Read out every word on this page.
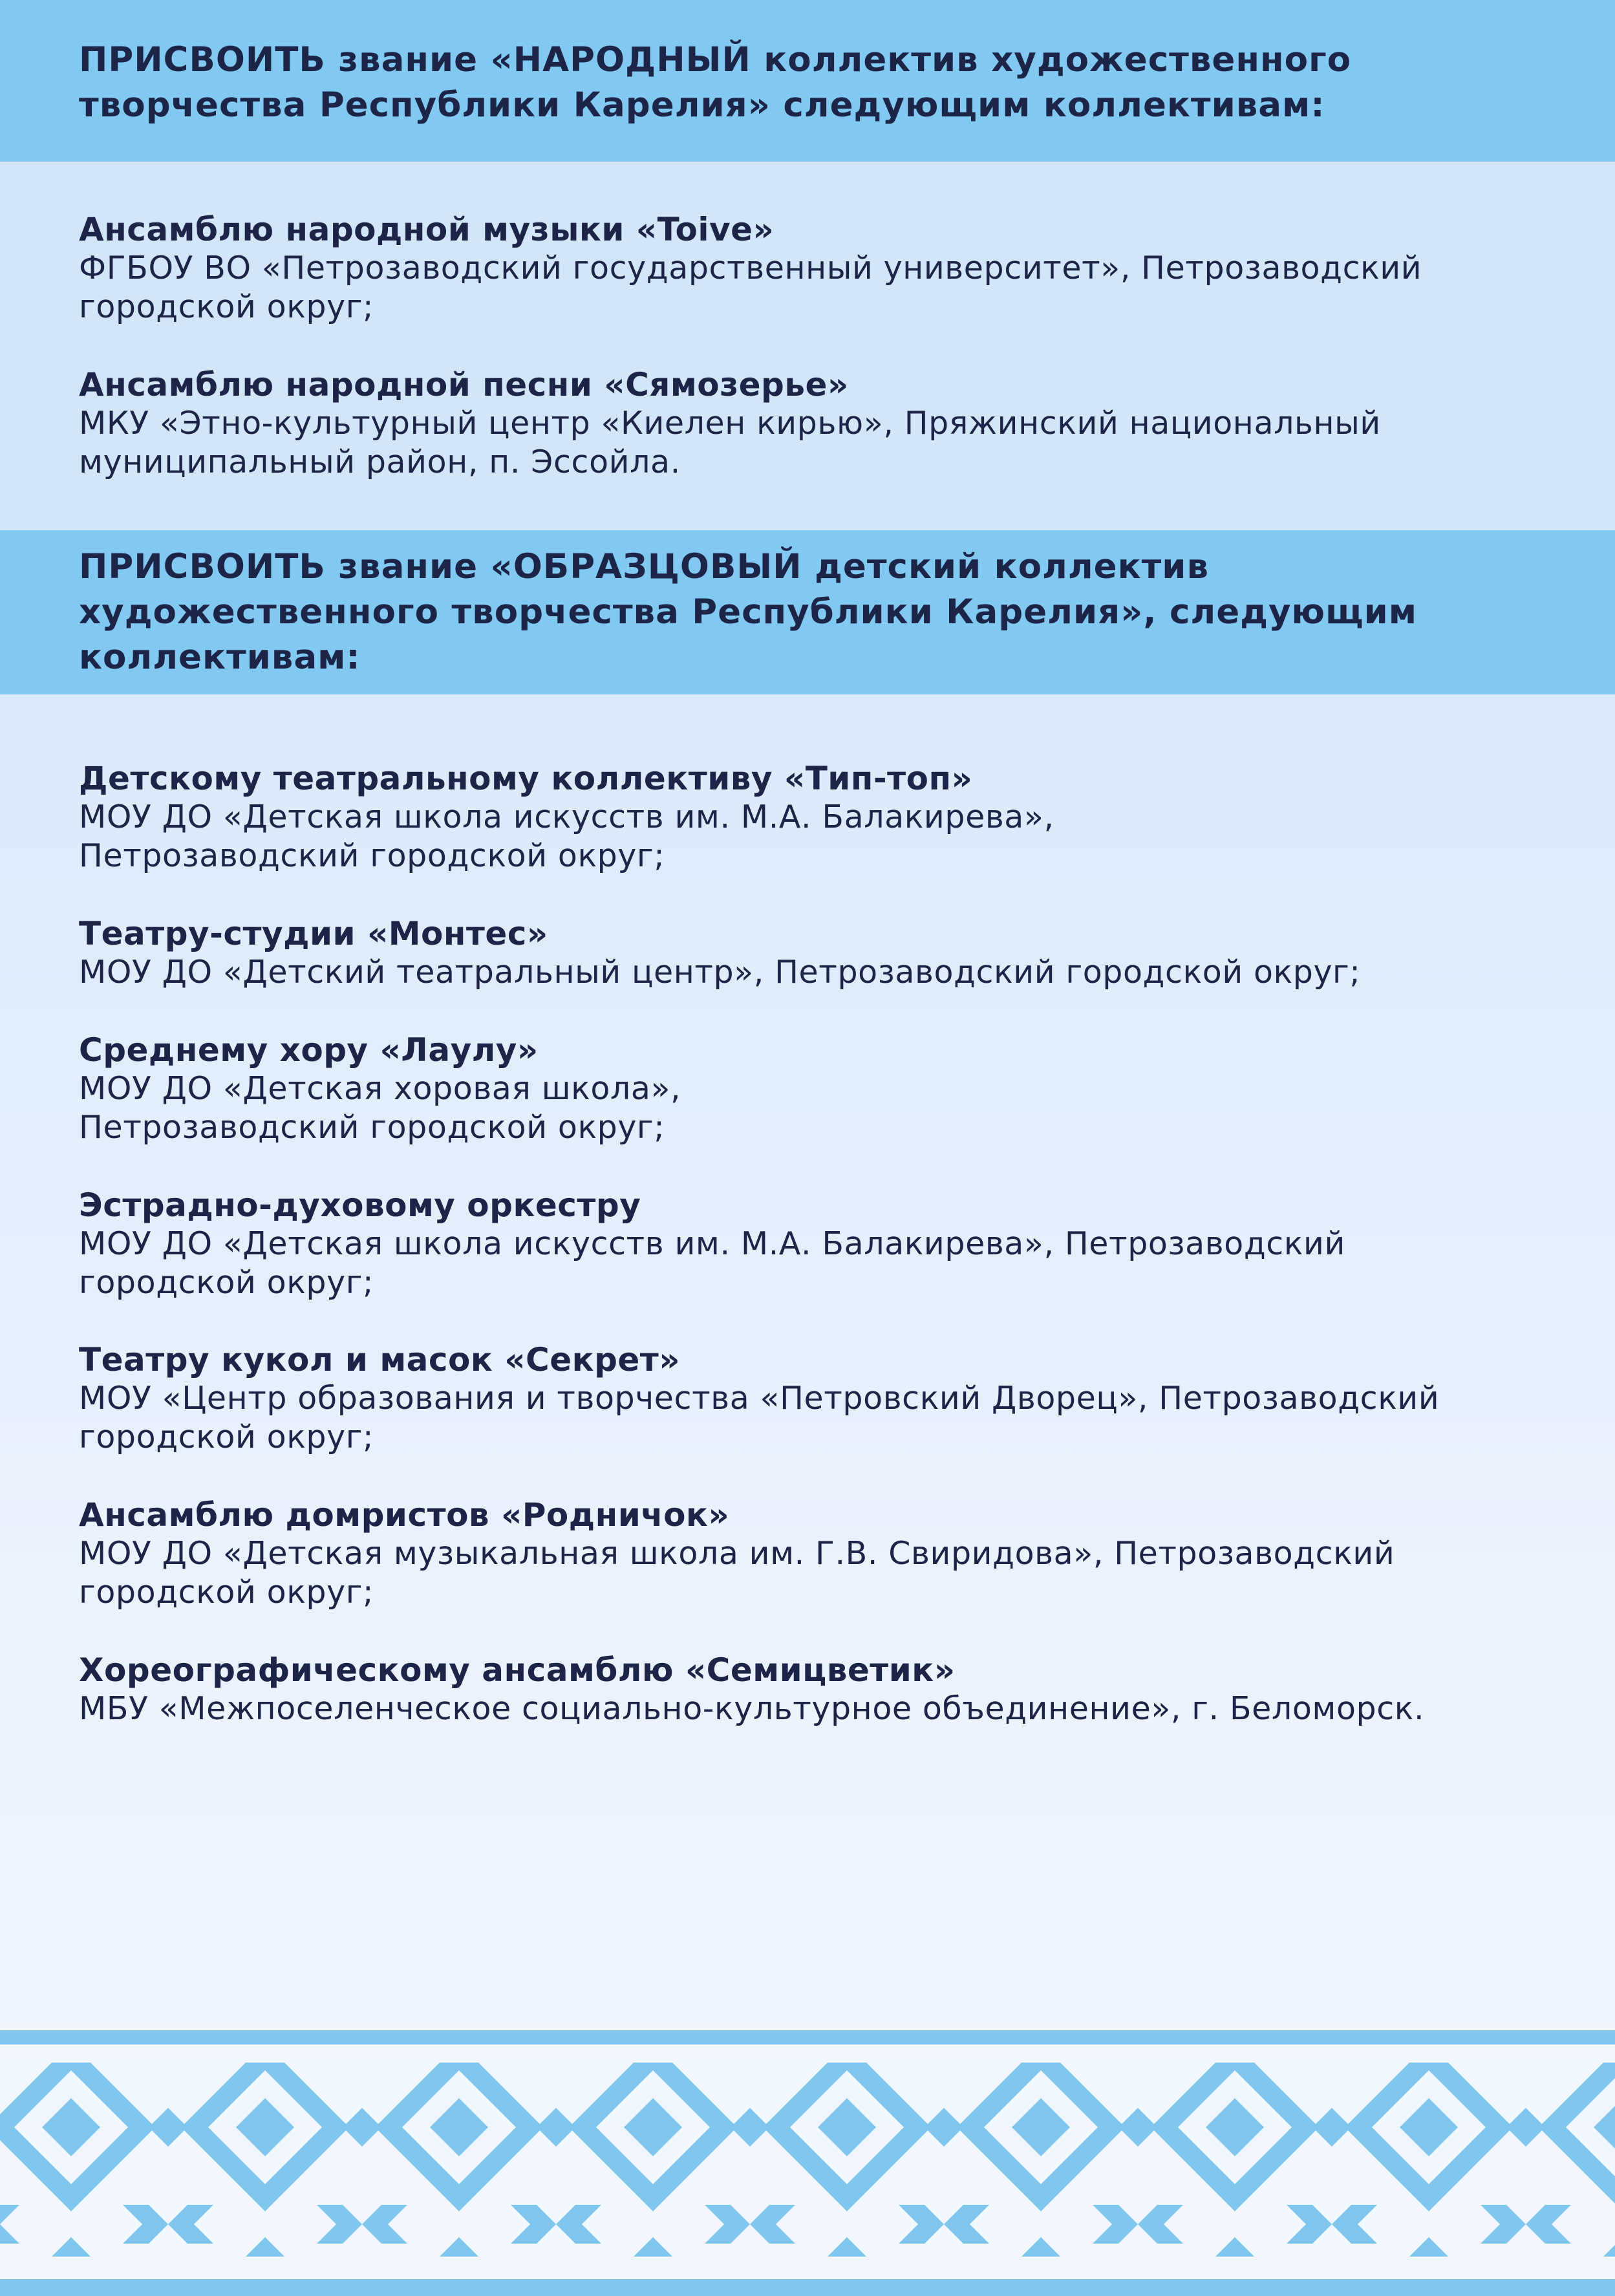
ПРИСВОИТЬ звание «НАРОДНЫЙ коллектив художественного
творчества Республики Карелия» следующим коллективам:
Ансамблю народной музыки «Toive»
ФГБОУ ВО «Петрозаводский государственный университет», Петрозаводский
городской округ;
Ансамблю народной песни «Сямозерье»
МКУ «Этно-культурный центр «Киелен кирью», Пряжинский национальный
муниципальный район, п. Эссойла.
ПРИСВОИТЬ звание «ОБРАЗЦОВЫЙ детский коллектив
художественного творчества Республики Карелия», следующим
коллективам:
Детскому театральному коллективу «Тип-топ»
МОУ ДО «Детская школа искусств им. М.А. Балакирева»,
Петрозаводский городской округ;
Театру-студии «Монтес»
МОУ ДО «Детский театральный центр», Петрозаводский городской округ;
Среднему хору «Лаулу»
МОУ ДО «Детская хоровая школа»,
Петрозаводский городской округ;
Эстрадно-духовому оркестру
МОУ ДО «Детская школа искусств им. М.А. Балакирева», Петрозаводский
городской округ;
Театру кукол и масок «Секрет»
МОУ «Центр образования и творчества «Петровский Дворец», Петрозаводский
городской округ;
Ансамблю домристов «Родничок»
МОУ ДО «Детская музыкальная школа им. Г.В. Свиридова», Петрозаводский
городской округ;
Хореографическому ансамблю «Семицветик»
МБУ «Межпоселенческое социально-культурное объединение», г. Беломорск.
